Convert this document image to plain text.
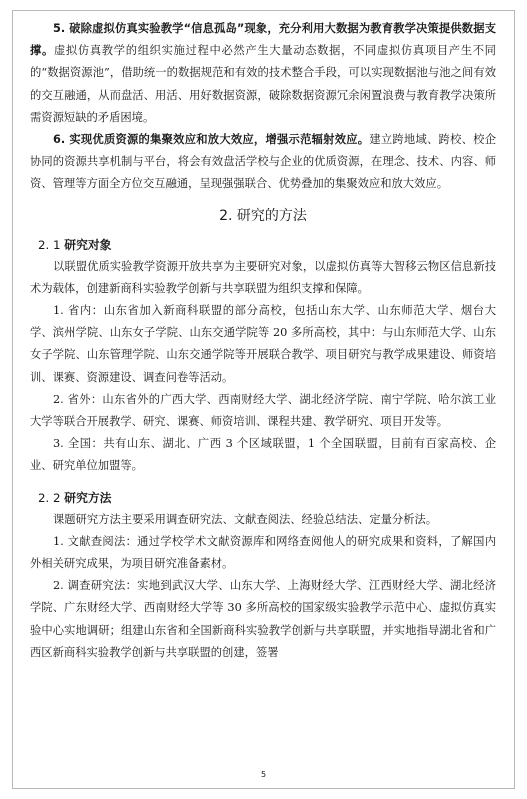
5. 破除虚拟仿真实验教学“信息孤岛”现象，充分利用大数据为教育教学决策提供数据支撑。虚拟仿真教学的组织实施过程中必然产生大量动态数据，不同虚拟仿真项目产生不同的“数据资源池”，借助统一的数据规范和有效的技术整合手段，可以实现数据池与池之间有效的交互融通，从而盘活、用活、用好数据资源，破除数据资源冗余闲置浪费与教育教学决策所需资源短缺的矛盾困境。

6. 实现优质资源的集聚效应和放大效应，增强示范辐射效应。建立跨地域、跨校、校企协同的资源共享机制与平台，将会有效盘活学校与企业的优质资源，在理念、技术、内容、师资、管理等方面全方位交互融通，呈现强强联合、优势叠加的集聚效应和放大效应。

2. 研究的方法
2. 1 研究对象

以联盟优质实验教学资源开放共享为主要研究对象，以虚拟仿真等大智移云物区信息新技术为载体，创建新商科实验教学创新与共享联盟为组织支撑和保障。

1. 省内：山东省加入新商科联盟的部分高校，包括山东大学、山东师范大学、烟台大学、滨州学院、山东女子学院、山东交通学院等 20 多所高校，其中：与山东师范大学、山东女子学院、山东管理学院、山东交通学院等开展联合教学、项目研究与教学成果建设、师资培训、课赛、资源建设、调查问卷等活动。

2. 省外：山东省外的广西大学、西南财经大学、湖北经济学院、南宁学院、哈尔滨工业大学等联合开展教学、研究、课赛、师资培训、课程共建、教学研究、项目开发等。

3. 全国：共有山东、湖北、广西 3 个区域联盟，1 个全国联盟，目前有百家高校、企业、研究单位加盟等。

2. 2 研究方法

课题研究方法主要采用调查研究法、文献查阅法、经验总结法、定量分析法。

1. 文献查阅法：通过学校学术文献资源库和网络查阅他人的研究成果和资料，了解国内外相关研究成果，为项目研究准备素材。

2. 调查研究法：实地到武汉大学、山东大学、上海财经大学、江西财经大学、湖北经济学院、广东财经大学、西南财经大学等 30 多所高校的国家级实验教学示范中心、虚拟仿真实验中心实地调研；组建山东省和全国新商科实验教学创新与共享联盟，并实地指导湖北省和广西区新商科实验教学创新与共享联盟的创建，签署

5
